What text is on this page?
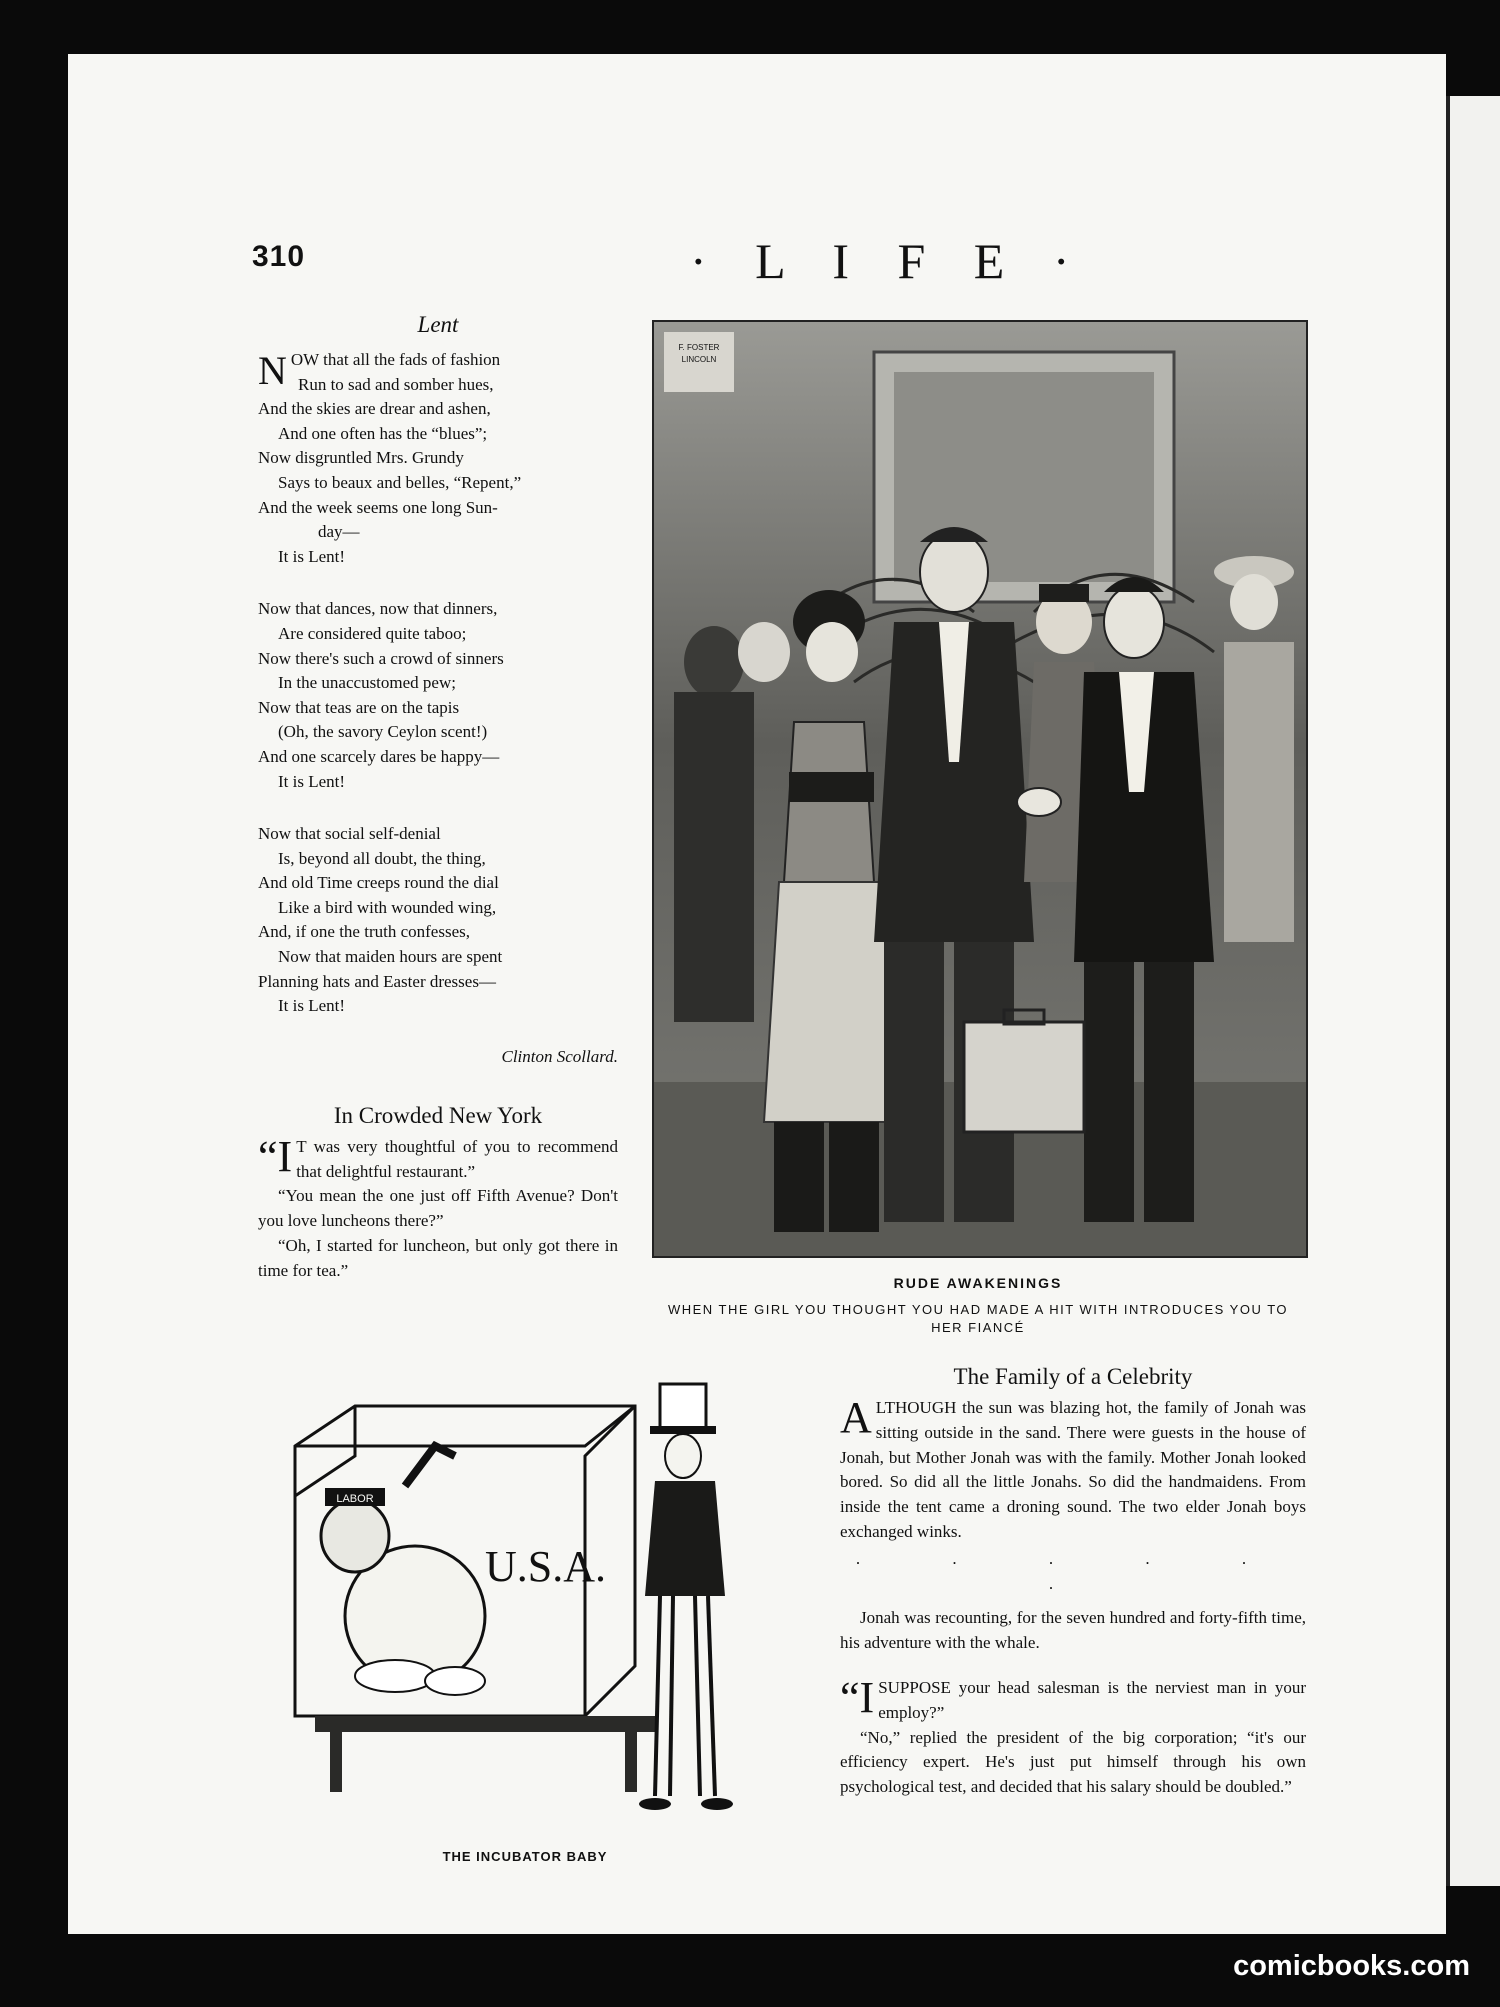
310	· L I F E ·
Lent
NOW that all the fads of fashion
Run to sad and somber hues,
And the skies are drear and ashen,
And one often has the “blues”;
Now disgruntled Mrs. Grundy
Says to beaux and belles, “Repent,”
And the week seems one long Sun-
day—
It is Lent!
Now that dances, now that dinners,
Are considered quite taboo;
Now there's such a crowd of sinners
In the unaccustomed pew;
Now that teas are on the tapis
(Oh, the savory Ceylon scent!)
And one scarcely dares be happy—
It is Lent!
Now that social self-denial
Is, beyond all doubt, the thing,
And old Time creeps round the dial
Like a bird with wounded wing,
And, if one the truth confesses,
Now that maiden hours are spent
Planning hats and Easter dresses—
It is Lent!
Clinton Scollard.
In Crowded New York

“I T was very thoughtful of you to recommend that delightful restaurant.”

“You mean the one just off Fifth Avenue? Don't you love luncheons there?”

“Oh, I started for luncheon, but only got there in time for tea.”

F. FOSTER
LINCOLN
RUDE AWAKENINGS
WHEN THE GIRL YOU THOUGHT YOU HAD MADE A HIT WITH INTRODUCES YOU TO HER FIANCÉ
U.S.A.
LABOR
THE INCUBATOR BABY
The Family of a Celebrity

ALTHOUGH the sun was blazing hot, the family of Jonah was sitting outside in the sand. There were guests in the house of Jonah, but Mother Jonah was with the family. Mother Jonah looked bored. So did all the little Jonahs. So did the handmaidens. From inside the tent came a droning sound. The two elder Jonah boys exchanged winks.

. . . . . .

Jonah was recounting, for the seven hundred and forty-fifth time, his adventure with the whale.

“ISUPPOSE your head salesman is the nerviest man in your employ?”

“No,” replied the president of the big corporation; “it's our efficiency expert. He's just put himself through his own psychological test, and decided that his salary should be doubled.”

comicbooks.com
